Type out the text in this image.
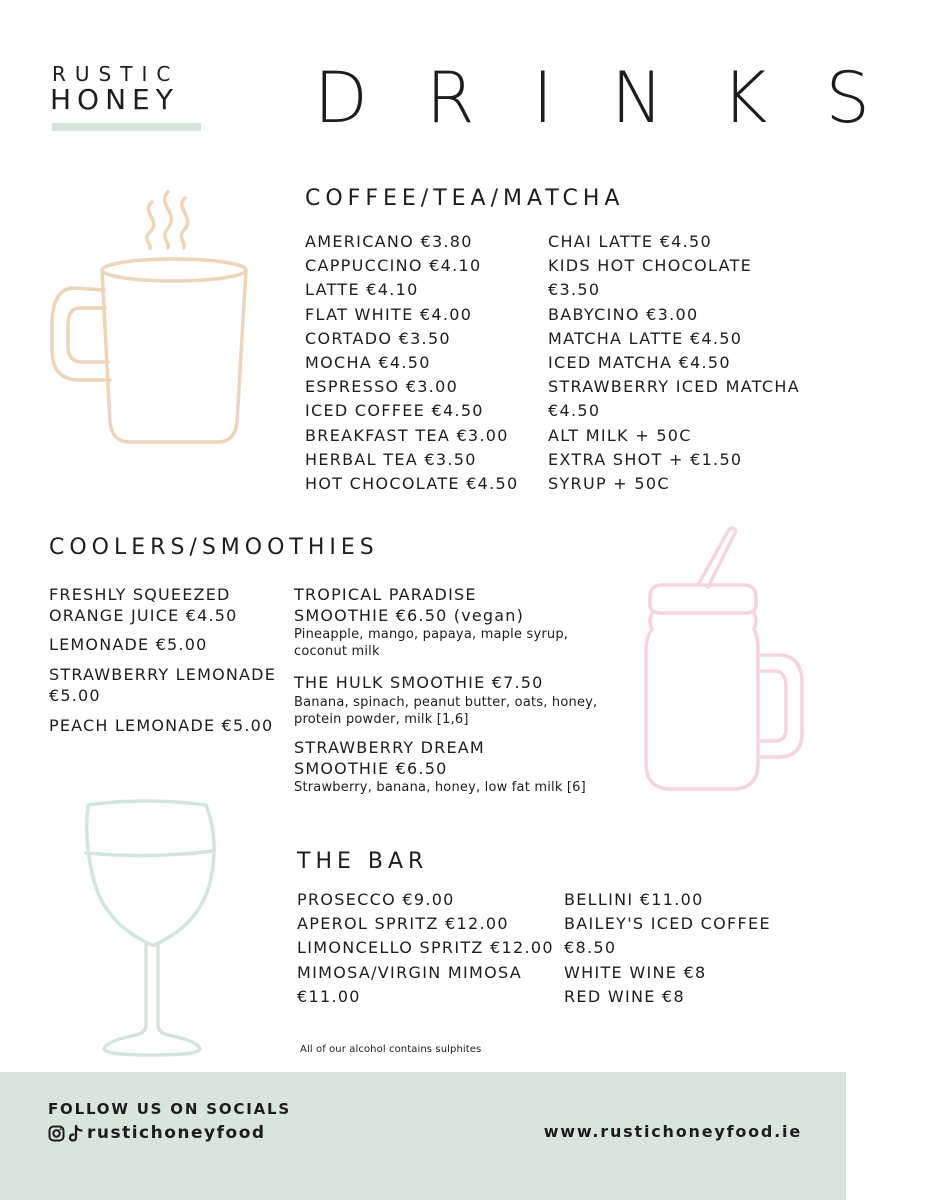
RUSTIC
HONEY DRINKS
COFFEE/TEA/MATCHA
AMERICANO €3.80
CAPPUCCINO €4.10
LATTE €4.10
FLAT WHITE €4.00
CORTADO €3.50
MOCHA €4.50
ESPRESSO €3.00
ICED COFFEE €4.50
BREAKFAST TEA €3.00
HERBAL TEA €3.50
HOT CHOCOLATE €4.50
CHAI LATTE €4.50
KIDS HOT CHOCOLATE
€3.50
BABYCINO €3.00
MATCHA LATTE €4.50
ICED MATCHA €4.50
STRAWBERRY ICED MATCHA
€4.50
ALT MILK + 50C
EXTRA SHOT + €1.50
SYRUP + 50C
COOLERS/SMOOTHIES
FRESHLY SQUEEZED
ORANGE JUICE €4.50
LEMONADE €5.00
STRAWBERRY LEMONADE
€5.00
PEACH LEMONADE €5.00
TROPICAL PARADISE
SMOOTHIE €6.50 (vegan)
Pineapple, mango, papaya, maple syrup,
coconut milk
THE HULK SMOOTHIE €7.50
Banana, spinach, peanut butter, oats, honey,
protein powder, milk [1,6]
STRAWBERRY DREAM
SMOOTHIE €6.50
Strawberry, banana, honey, low fat milk [6]
THE BAR
PROSECCO €9.00
APEROL SPRITZ €12.00
LIMONCELLO SPRITZ €12.00
MIMOSA/VIRGIN MIMOSA
€11.00
BELLINI €11.00
BAILEY'S ICED COFFEE
€8.50
WHITE WINE €8
RED WINE €8
All of our alcohol contains sulphites
FOLLOW US ON SOCIALS
rustichoneyfood	www.rustichoneyfood.ie
